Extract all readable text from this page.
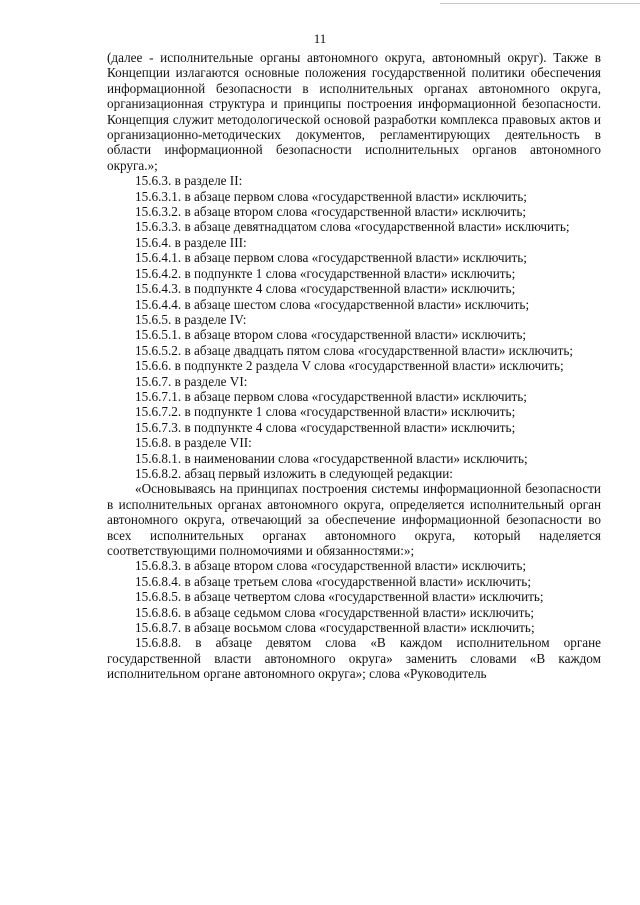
11

(далее - исполнительные органы автономного округа, автономный округ). Также в Концепции излагаются основные положения государственной политики обеспечения информационной безопасности в исполнительных органах автономного округа, организационная структура и принципы построения информационной безопасности. Концепция служит методологической основой разработки комплекса правовых актов и организационно-методических документов, регламентирующих деятельность в области информационной безопасности исполнительных органов автономного округа.»;

15.6.3. в разделе II:

15.6.3.1. в абзаце первом слова «государственной власти» исключить;

15.6.3.2. в абзаце втором слова «государственной власти» исключить;

15.6.3.3. в абзаце девятнадцатом слова «государственной власти» исключить;

15.6.4. в разделе III:

15.6.4.1. в абзаце первом слова «государственной власти» исключить;

15.6.4.2. в подпункте 1 слова «государственной власти» исключить;

15.6.4.3. в подпункте 4 слова «государственной власти» исключить;

15.6.4.4. в абзаце шестом слова «государственной власти» исключить;

15.6.5. в разделе IV:

15.6.5.1. в абзаце втором слова «государственной власти» исключить;

15.6.5.2. в абзаце двадцать пятом слова «государственной власти» исключить;

15.6.6. в подпункте 2 раздела V слова «государственной власти» исключить;

15.6.7. в разделе VI:

15.6.7.1. в абзаце первом слова «государственной власти» исключить;

15.6.7.2. в подпункте 1 слова «государственной власти» исключить;

15.6.7.3. в подпункте 4 слова «государственной власти» исключить;

15.6.8. в разделе VII:

15.6.8.1. в наименовании слова «государственной власти» исключить;

15.6.8.2. абзац первый изложить в следующей редакции:

«Основываясь на принципах построения системы информационной безопасности в исполнительных органах автономного округа, определяется исполнительный орган автономного округа, отвечающий за обеспечение информационной безопасности во всех исполнительных органах автономного округа, который наделяется соответствующими полномочиями и обязанностями:»;

15.6.8.3. в абзаце втором слова «государственной власти» исключить;

15.6.8.4. в абзаце третьем слова «государственной власти» исключить;

15.6.8.5. в абзаце четвертом слова «государственной власти» исключить;

15.6.8.6. в абзаце седьмом слова «государственной власти» исключить;

15.6.8.7. в абзаце восьмом слова «государственной власти» исключить;

15.6.8.8. в абзаце девятом слова «В каждом исполнительном органе государственной власти автономного округа» заменить словами «В каждом исполнительном органе автономного округа»; слова «Руководитель
